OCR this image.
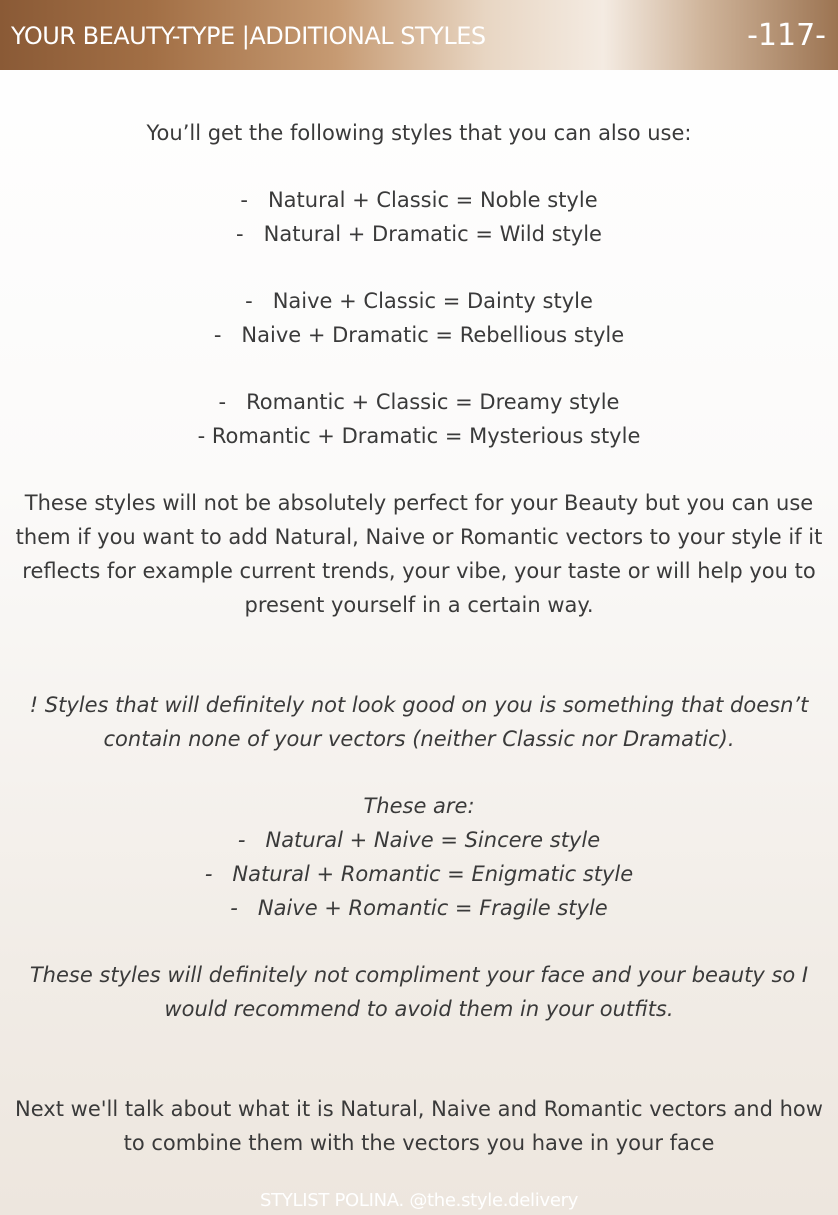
YOUR BEAUTY-TYPE |ADDITIONAL STYLES	-117-

You’ll get the following styles that you can also use:

-   Natural + Classic = Noble style

-   Natural + Dramatic = Wild style

-   Naive + Classic = Dainty style

-   Naive + Dramatic = Rebellious style

-   Romantic + Classic = Dreamy style

- Romantic + Dramatic = Mysterious style

These styles will not be absolutely perfect for your Beauty but you can use them if you want to add Natural, Naive or Romantic vectors to your style if it reflects for example current trends, your vibe, your taste or will help you to present yourself in a certain way.

! Styles that will definitely not look good on you is something that doesn’t contain none of your vectors (neither Classic nor Dramatic).

These are:

-   Natural + Naive = Sincere style

-   Natural + Romantic = Enigmatic style

-   Naive + Romantic = Fragile style

These styles will definitely not compliment your face and your beauty so I would recommend to avoid them in your outfits.

Next we'll talk about what it is Natural, Naive and Romantic vectors and how to combine them with the vectors you have in your face

STYLIST POLINA. @the.style.delivery
